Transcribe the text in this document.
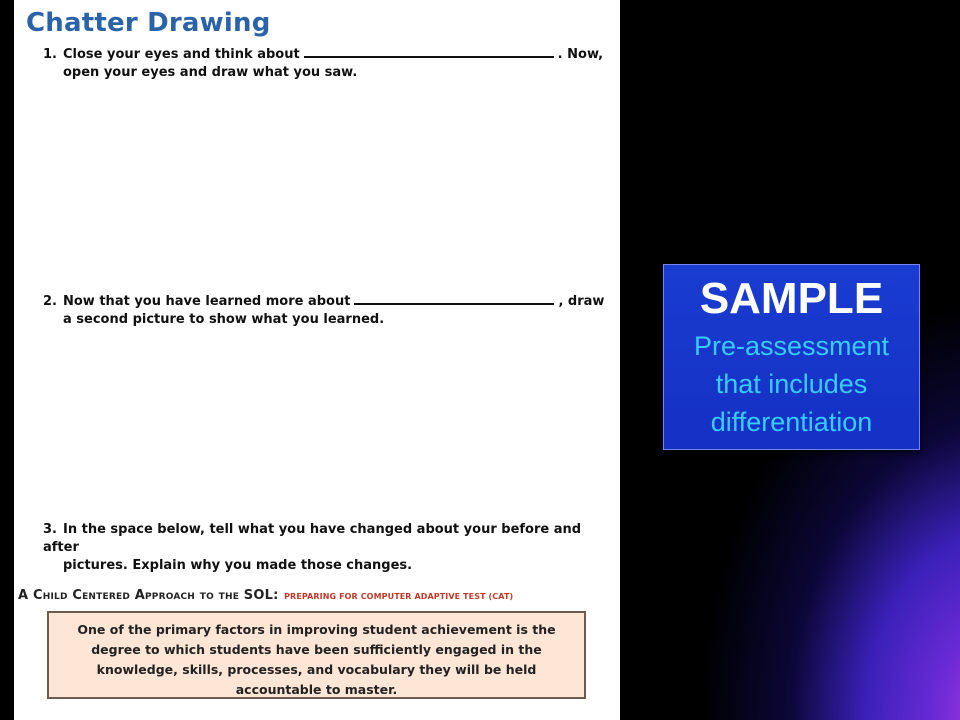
Chatter Drawing
1. Close your eyes and think about	. Now,
open your eyes and draw what you saw.
2. Now that you have learned more about	, draw
a second picture to show what you learned.
3. In the space below, tell what you have changed about your before and after
pictures. Explain why you made those changes.
A Child Centered Approach to the SOL: PREPARING FOR COMPUTER ADAPTIVE TEST (CAT)
One of the primary factors in improving student achievement is the degree to which students have been sufficiently engaged in the knowledge, skills, processes, and vocabulary they will be held accountable to master.
SAMPLE
Pre-assessment
that includes
differentiation
